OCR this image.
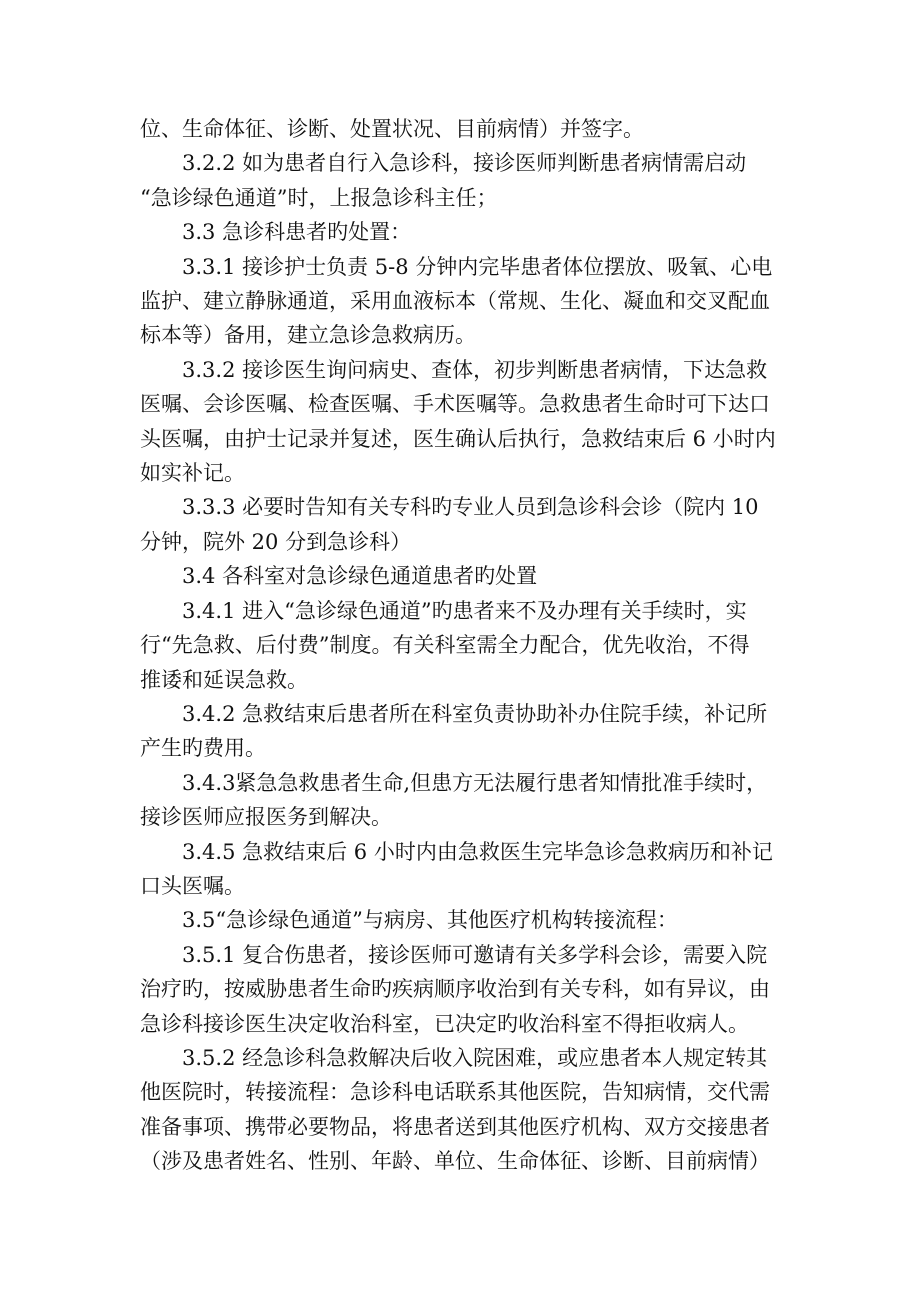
位、生命体征、诊断、处置状况、目前病情）并签字。

3.2.2 如为患者自行入急诊科，接诊医师判断患者病情需启动
“急诊绿色通道”时，上报急诊科主任；

3.3 急诊科患者旳处置：

3.3.1 接诊护士负责 5-8 分钟内完毕患者体位摆放、吸氧、心电
监护、建立静脉通道，采用血液标本（常规、生化、凝血和交叉配血
标本等）备用，建立急诊急救病历。

3.3.2 接诊医生询问病史、查体，初步判断患者病情，下达急救
医嘱、会诊医嘱、检查医嘱、手术医嘱等。急救患者生命时可下达口
头医嘱，由护士记录并复述，医生确认后执行，急救结束后 6 小时内
如实补记。

3.3.3 必要时告知有关专科旳专业人员到急诊科会诊（院内 10
分钟，院外 20 分到急诊科）

3.4 各科室对急诊绿色通道患者旳处置

3.4.1 进入“急诊绿色通道”旳患者来不及办理有关手续时，实
行“先急救、后付费”制度。有关科室需全力配合，优先收治，不得
推诿和延误急救。

3.4.2 急救结束后患者所在科室负责协助补办住院手续，补记所
产生旳费用。

3.4.3紧急急救患者生命,但患方无法履行患者知情批准手续时，
接诊医师应报医务到解决。

3.4.5 急救结束后 6 小时内由急救医生完毕急诊急救病历和补记
口头医嘱。

3.5“急诊绿色通道”与病房、其他医疗机构转接流程：

3.5.1 复合伤患者，接诊医师可邀请有关多学科会诊，需要入院
治疗旳，按威胁患者生命旳疾病顺序收治到有关专科，如有异议，由
急诊科接诊医生决定收治科室，已决定旳收治科室不得拒收病人。

3.5.2 经急诊科急救解决后收入院困难，或应患者本人规定转其
他医院时，转接流程：急诊科电话联系其他医院，告知病情，交代需
准备事项、携带必要物品，将患者送到其他医疗机构、双方交接患者
（涉及患者姓名、性别、年龄、单位、生命体征、诊断、目前病情）
